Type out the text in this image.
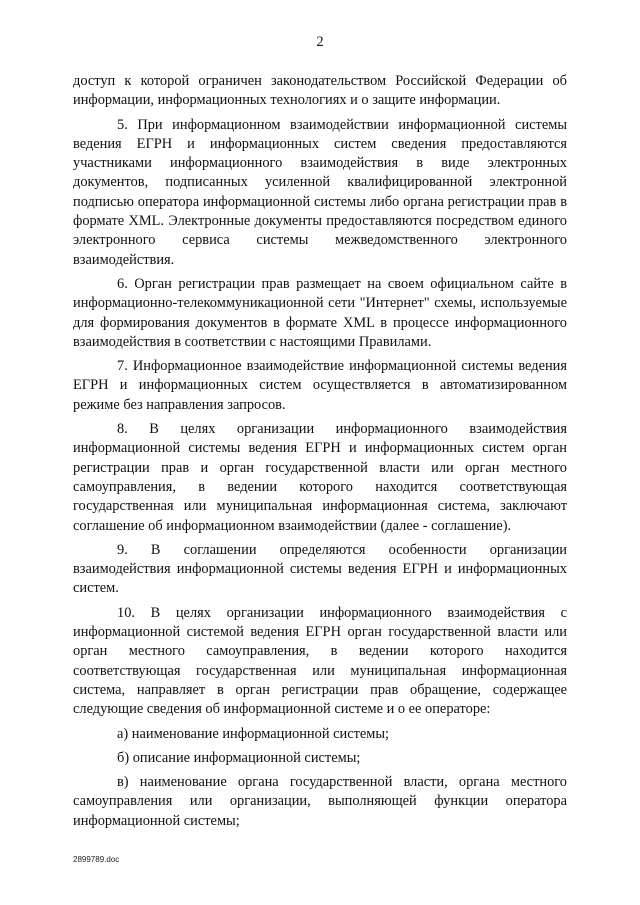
2

доступ к которой ограничен законодательством Российской Федерации об информации, информационных технологиях и о защите информации.

5. При информационном взаимодействии информационной системы ведения ЕГРН и информационных систем сведения предоставляются участниками информационного взаимодействия в виде электронных документов, подписанных усиленной квалифицированной электронной подписью оператора информационной системы либо органа регистрации прав в формате XML. Электронные документы предоставляются посредством единого электронного сервиса системы межведомственного электронного взаимодействия.

6. Орган регистрации прав размещает на своем официальном сайте в информационно-телекоммуникационной сети "Интернет" схемы, используемые для формирования документов в формате XML в процессе информационного взаимодействия в соответствии с настоящими Правилами.

7. Информационное взаимодействие информационной системы ведения ЕГРН и информационных систем осуществляется в автоматизированном режиме без направления запросов.

8. В целях организации информационного взаимодействия информационной системы ведения ЕГРН и информационных систем орган регистрации прав и орган государственной власти или орган местного самоуправления, в ведении которого находится соответствующая государственная или муниципальная информационная система, заключают соглашение об информационном взаимодействии (далее - соглашение).

9. В соглашении определяются особенности организации взаимодействия информационной системы ведения ЕГРН и информационных систем.

10. В целях организации информационного взаимодействия с информационной системой ведения ЕГРН орган государственной власти или орган местного самоуправления, в ведении которого находится соответствующая государственная или муниципальная информационная система, направляет в орган регистрации прав обращение, содержащее следующие сведения об информационной системе и о ее операторе:

а) наименование информационной системы;

б) описание информационной системы;

в) наименование органа государственной власти, органа местного самоуправления или организации, выполняющей функции оператора информационной системы;

2899789.doc
